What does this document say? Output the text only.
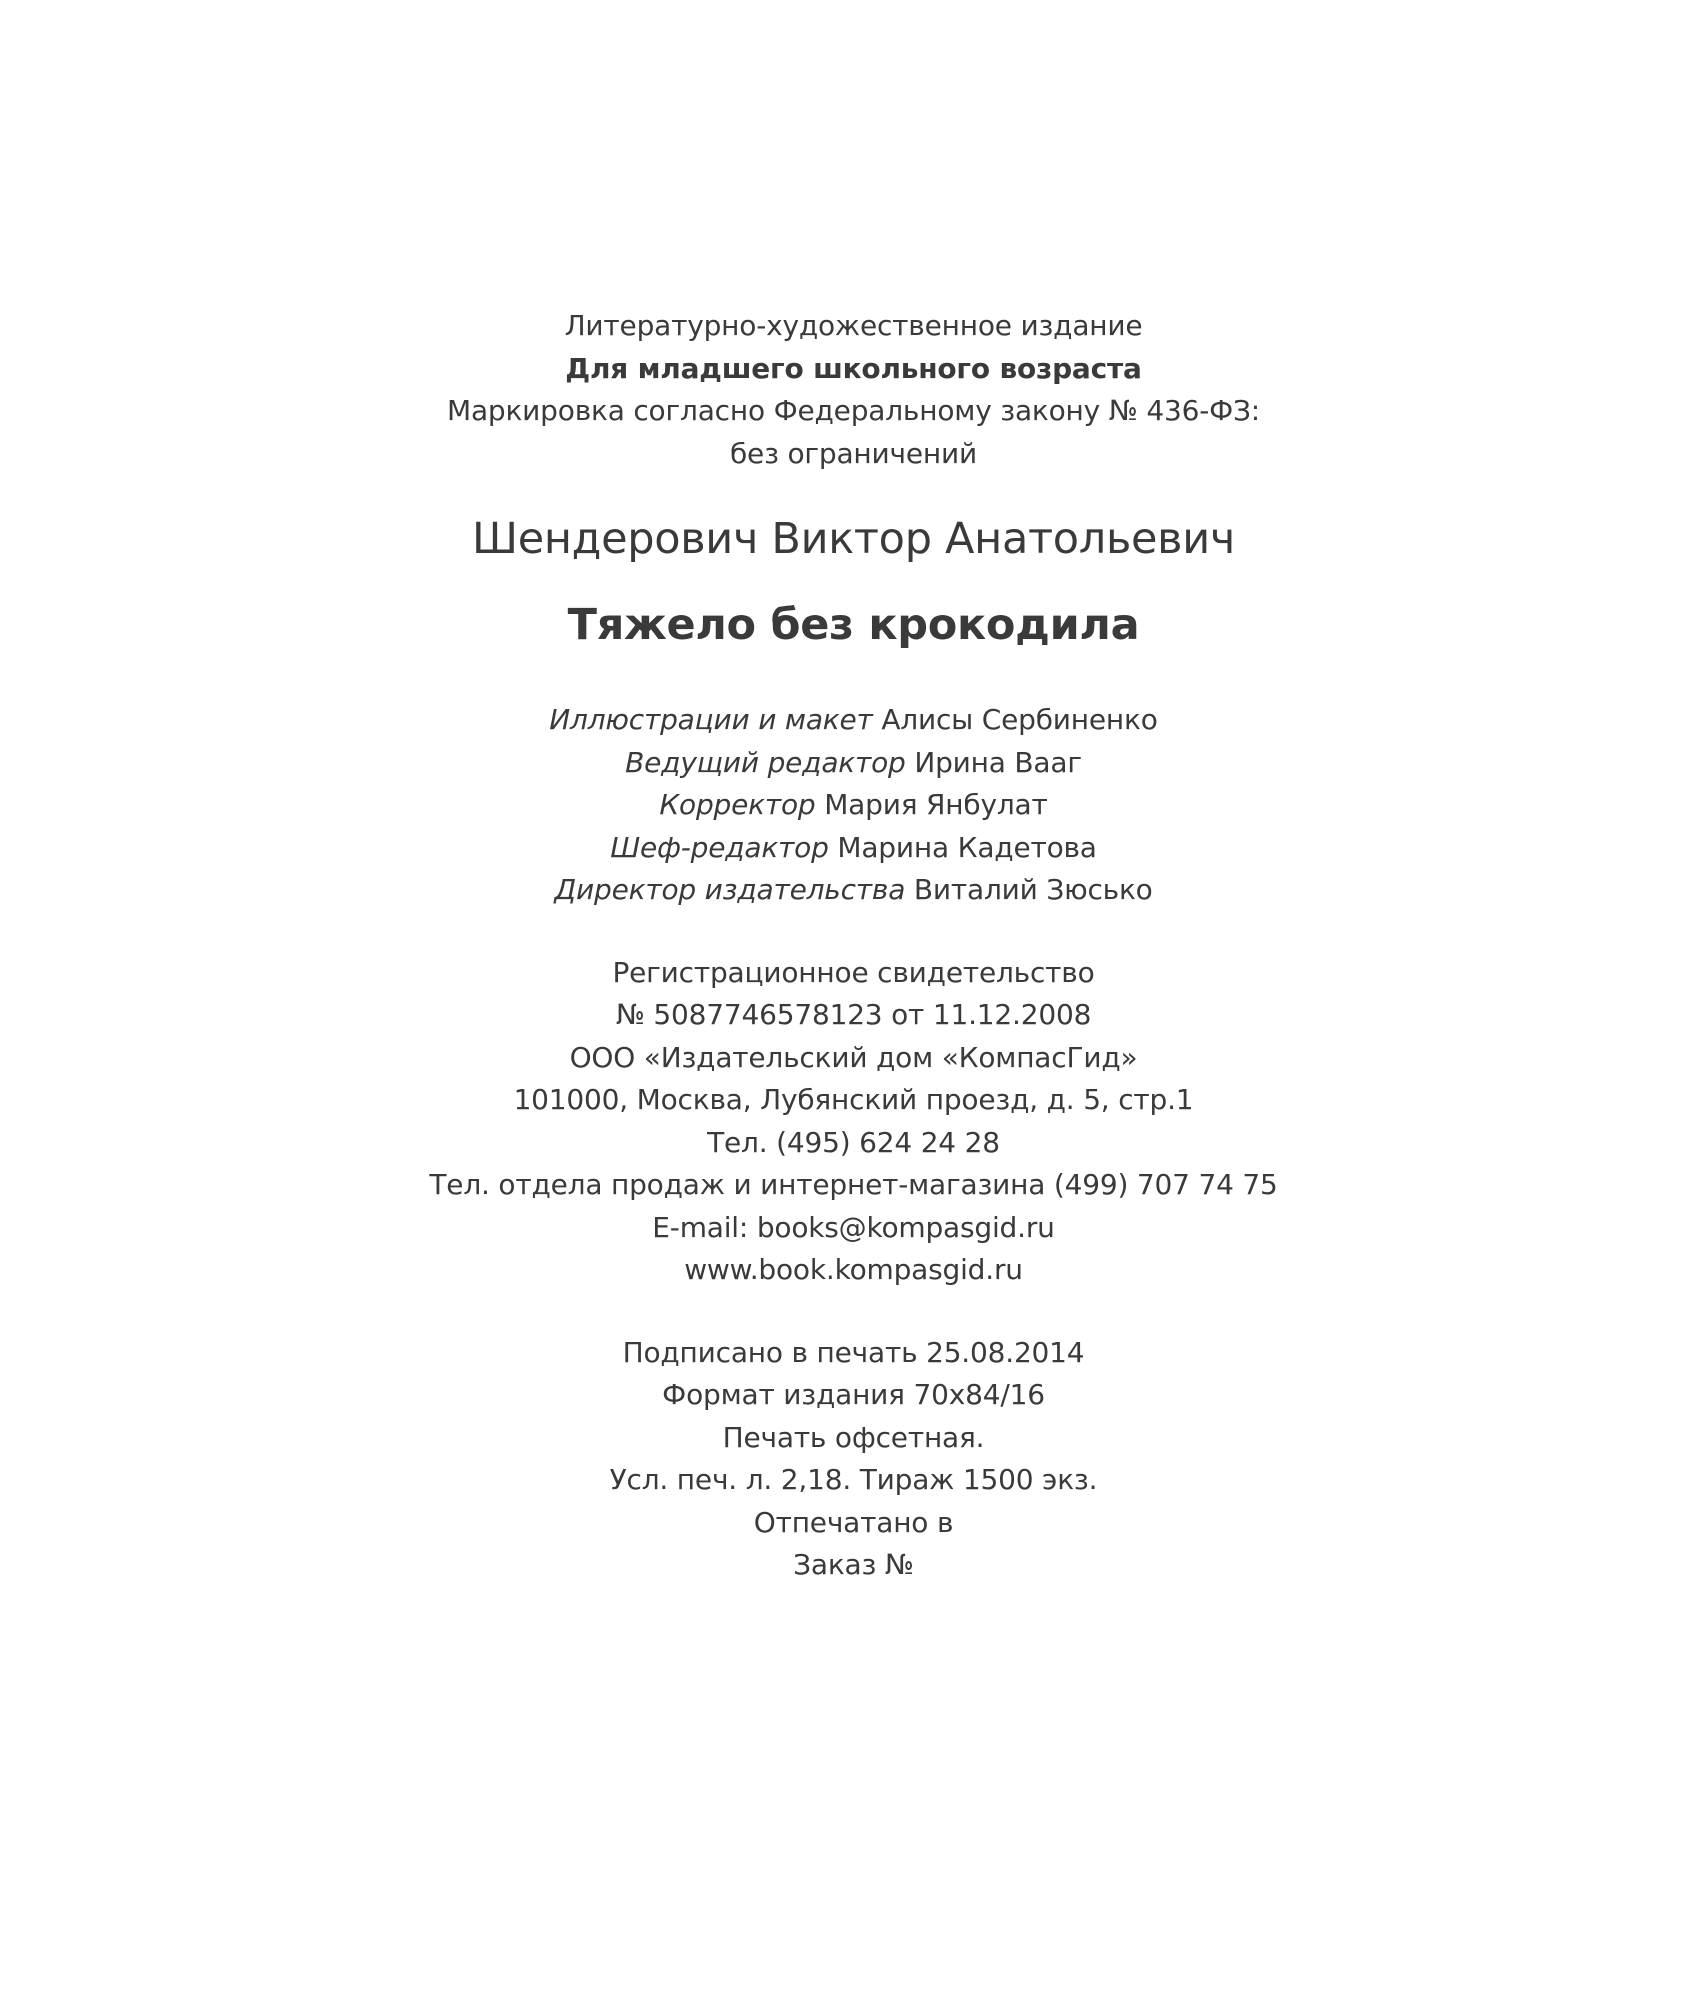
Литературно-художественное издание
Для младшего школьного возраста
Маркировка согласно Федеральному закону № 436-ФЗ:
без ограничений
Шендерович Виктор Анатольевич
Тяжело без крокодила
Иллюстрации и макет Алисы Сербиненко
Ведущий редактор Ирина Вааг
Корректор Мария Янбулат
Шеф-редактор Марина Кадетова
Директор издательства Виталий Зюсько
Регистрационное свидетельство
№ 5087746578123 от 11.12.2008
ООО «Издательский дом «КомпасГид»
101000, Москва, Лубянский проезд, д. 5, стр.1
Тел. (495) 624 24 28
Тел. отдела продаж и интернет-магазина (499) 707 74 75
E-mail: books@kompasgid.ru
www.book.kompasgid.ru
Подписано в печать 25.08.2014
Формат издания 70x84/16
Печать офсетная.
Усл. печ. л. 2,18. Тираж 1500 экз.
Отпечатано в
Заказ №
